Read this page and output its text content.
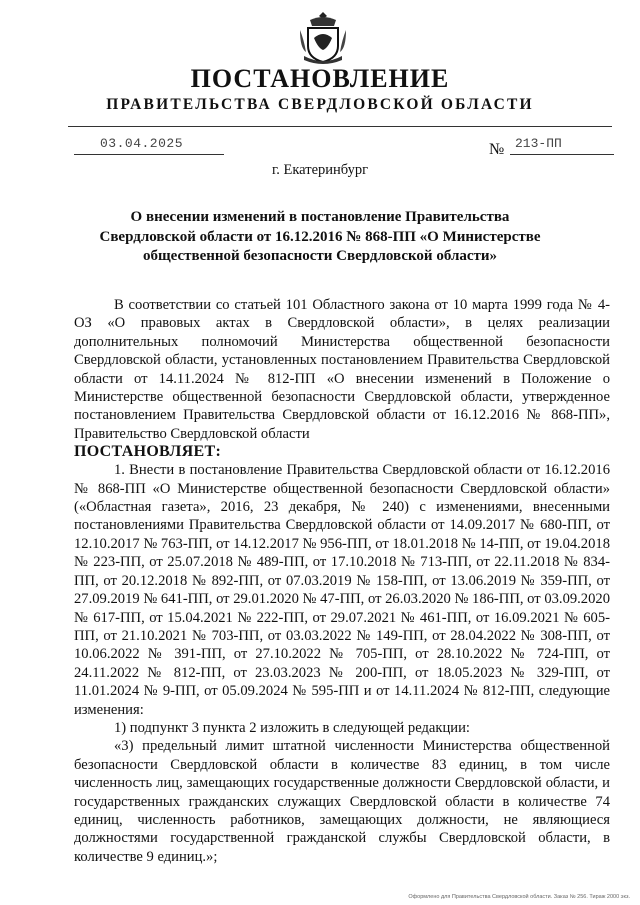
ПОСТАНОВЛЕНИЕ
ПРАВИТЕЛЬСТВА СВЕРДЛОВСКОЙ ОБЛАСТИ
03.04.2025	№ 213-ПП
г. Екатеринбург
О внесении изменений в постановление Правительства Свердловской области от 16.12.2016 № 868-ПП «О Министерстве общественной безопасности Свердловской области»

В соответствии со статьей 101 Областного закона от 10 марта 1999 года № 4-ОЗ «О правовых актах в Свердловской области», в целях реализации дополнительных полномочий Министерства общественной безопасности Свердловской области, установленных постановлением Правительства Свердловской области от 14.11.2024 № 812-ПП «О внесении изменений в Положение о Министерстве общественной безопасности Свердловской области, утвержденное постановлением Правительства Свердловской области от 16.12.2016 № 868-ПП», Правительство Свердловской области

ПОСТАНОВЛЯЕТ:

1. Внести в постановление Правительства Свердловской области от 16.12.2016 № 868-ПП «О Министерстве общественной безопасности Свердловской области» («Областная газета», 2016, 23 декабря, № 240) с изменениями, внесенными постановлениями Правительства Свердловской области от 14.09.2017 № 680-ПП, от 12.10.2017 № 763-ПП, от 14.12.2017 № 956-ПП, от 18.01.2018 № 14-ПП, от 19.04.2018 № 223-ПП, от 25.07.2018 № 489-ПП, от 17.10.2018 № 713-ПП, от 22.11.2018 № 834-ПП, от 20.12.2018 № 892-ПП, от 07.03.2019 № 158-ПП, от 13.06.2019 № 359-ПП, от 27.09.2019 № 641-ПП, от 29.01.2020 № 47-ПП, от 26.03.2020 № 186-ПП, от 03.09.2020 № 617-ПП, от 15.04.2021 № 222-ПП, от 29.07.2021 № 461-ПП, от 16.09.2021 № 605-ПП, от 21.10.2021 № 703-ПП, от 03.03.2022 № 149-ПП, от 28.04.2022 № 308-ПП, от 10.06.2022 № 391-ПП, от 27.10.2022 № 705-ПП, от 28.10.2022 № 724-ПП, от 24.11.2022 № 812-ПП, от 23.03.2023 № 200-ПП, от 18.05.2023 № 329-ПП, от 11.01.2024 № 9-ПП, от 05.09.2024 № 595-ПП и от 14.11.2024 № 812-ПП, следующие изменения:

1) подпункт 3 пункта 2 изложить в следующей редакции:

«3) предельный лимит штатной численности Министерства общественной безопасности Свердловской области в количестве 83 единиц, в том числе численность лиц, замещающих государственные должности Свердловской области, и государственных гражданских служащих Свердловской области в количестве 74 единиц, численность работников, замещающих должности, не являющиеся должностями государственной гражданской службы Свердловской области, в количестве 9 единиц.»;

Оформлено для Правительства Свердловской области. Заказ № 256. Тираж 2000 экз.
